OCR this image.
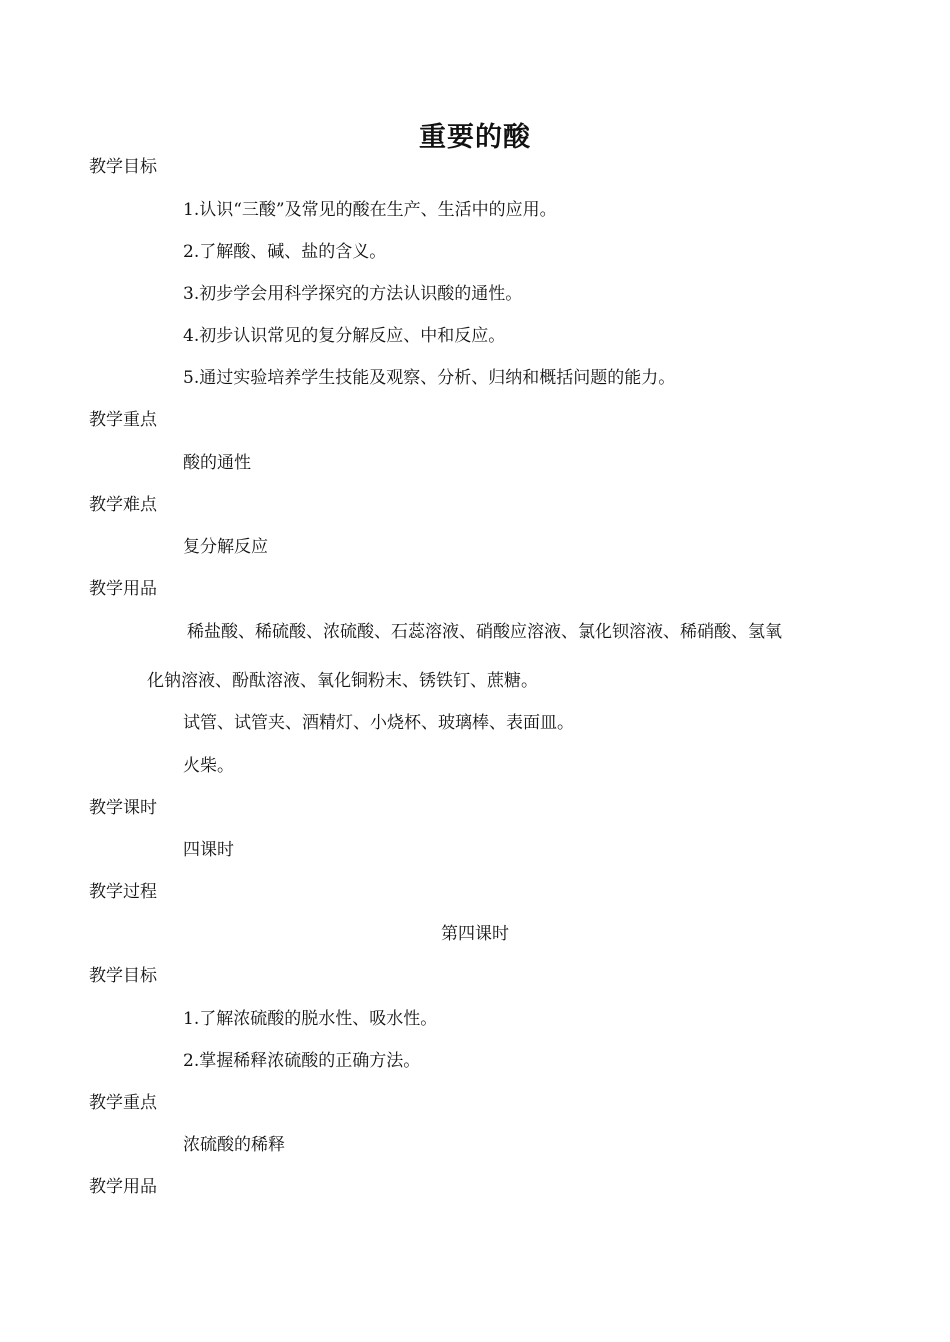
重要的酸
教学目标
1.认识“三酸”及常见的酸在生产、生活中的应用。
2.了解酸、碱、盐的含义。
3.初步学会用科学探究的方法认识酸的通性。
4.初步认识常见的复分解反应、中和反应。
5.通过实验培养学生技能及观察、分析、归纳和概括问题的能力。
教学重点
酸的通性
教学难点
复分解反应
教学用品
稀盐酸、稀硫酸、浓硫酸、石蕊溶液、硝酸应溶液、氯化钡溶液、稀硝酸、氢氧
化钠溶液、酚酞溶液、氧化铜粉末、锈铁钉、蔗糖。
试管、试管夹、酒精灯、小烧杯、玻璃棒、表面皿。
火柴。
教学课时
四课时
教学过程
第四课时
教学目标
1.了解浓硫酸的脱水性、吸水性。
2.掌握稀释浓硫酸的正确方法。
教学重点
浓硫酸的稀释
教学用品
